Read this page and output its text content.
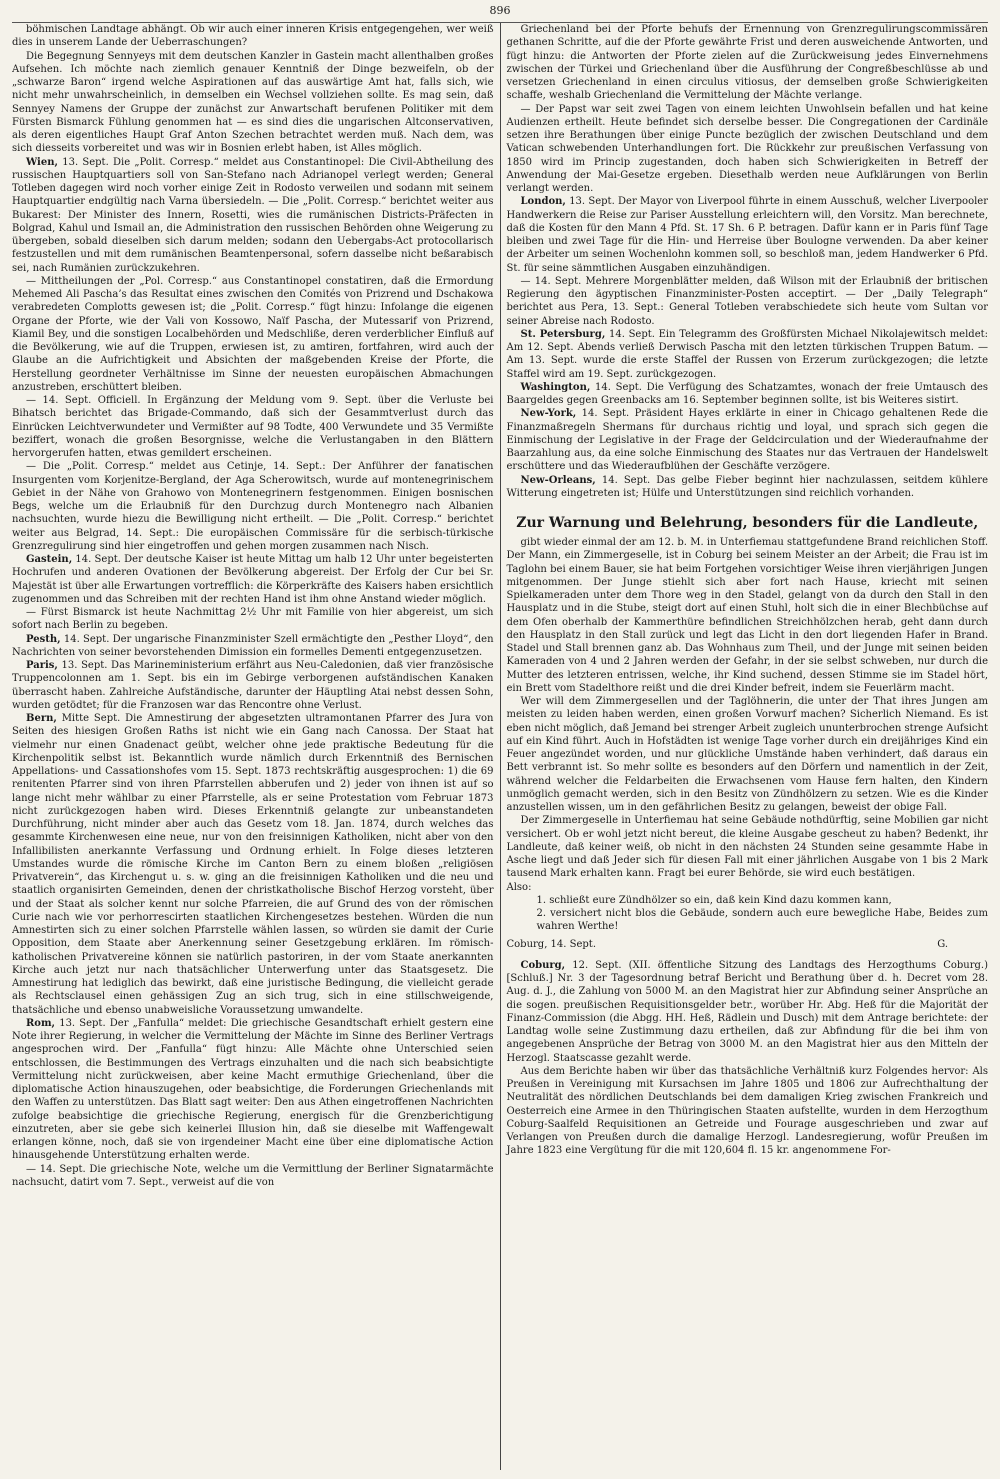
896

böhmischen Landtage abhängt. Ob wir auch einer inneren Krisis entgegengehen, wer weiß dies in unserem Lande der Ueberraschungen?

Die Begegnung Sennyeys mit dem deutschen Kanzler in Gastein macht allenthalben großes Aufsehen. Ich möchte nach ziemlich genauer Kenntniß der Dinge bezweifeln, ob der „schwarze Baron“ irgend welche Aspirationen auf das auswärtige Amt hat, falls sich, wie nicht mehr unwahrscheinlich, in demselben ein Wechsel vollziehen sollte. Es mag sein, daß Sennyey Namens der Gruppe der zunächst zur Anwartschaft berufenen Politiker mit dem Fürsten Bismarck Fühlung genommen hat — es sind dies die ungarischen Altconservativen, als deren eigentliches Haupt Graf Anton Szechen betrachtet werden muß. Nach dem, was sich diesseits vorbereitet und was wir in Bosnien erlebt haben, ist Alles möglich.

Wien, 13. Sept. Die „Polit. Corresp.“ meldet aus Constantinopel: Die Civil-Abtheilung des russischen Hauptquartiers soll von San-Stefano nach Adrianopel verlegt werden; General Totleben dagegen wird noch vorher einige Zeit in Rodosto verweilen und sodann mit seinem Hauptquartier endgültig nach Varna übersiedeln. — Die „Polit. Corresp.“ berichtet weiter aus Bukarest: Der Minister des Innern, Rosetti, wies die rumänischen Districts-Präfecten in Bolgrad, Kahul und Ismail an, die Administration den russischen Behörden ohne Weigerung zu übergeben, sobald dieselben sich darum melden; sodann den Uebergabs-Act protocollarisch festzustellen und mit dem rumänischen Beamtenpersonal, sofern dasselbe nicht beßarabisch sei, nach Rumänien zurückzukehren.

— Mittheilungen der „Pol. Corresp.“ aus Constantinopel constatiren, daß die Ermordung Mehemed Ali Pascha’s das Resultat eines zwischen den Comités von Prizrend und Dschakowa verabredeten Complotts gewesen ist; die „Polit. Corresp.“ fügt hinzu: Infolange die eigenen Organe der Pforte, wie der Vali von Kossowo, Naïf Pascha, der Mutessarif von Prizrend, Kiamil Bey, und die sonstigen Localbehörden und Medschliße, deren verderblicher Einfluß auf die Bevölkerung, wie auf die Truppen, erwiesen ist, zu amtiren, fortfahren, wird auch der Glaube an die Aufrichtigkeit und Absichten der maßgebenden Kreise der Pforte, die Herstellung geordneter Verhältnisse im Sinne der neuesten europäischen Abmachungen anzustreben, erschüttert bleiben.

— 14. Sept. Officiell. In Ergänzung der Meldung vom 9. Sept. über die Verluste bei Bihatsch berichtet das Brigade-Commando, daß sich der Gesammtverlust durch das Einrücken Leichtverwundeter und Vermißter auf 98 Todte, 400 Verwundete und 35 Vermißte beziffert, wonach die großen Besorgnisse, welche die Verlustangaben in den Blättern hervorgerufen hatten, etwas gemildert erscheinen.

— Die „Polit. Corresp.“ meldet aus Cetinje, 14. Sept.: Der Anführer der fanatischen Insurgenten vom Korjenitze-Bergland, der Aga Scherowitsch, wurde auf montenegrinischem Gebiet in der Nähe von Grahowo von Montenegrinern festgenommen. Einigen bosnischen Begs, welche um die Erlaubniß für den Durchzug durch Montenegro nach Albanien nachsuchten, wurde hiezu die Bewilligung nicht ertheilt. — Die „Polit. Corresp.“ berichtet weiter aus Belgrad, 14. Sept.: Die europäischen Commissäre für die serbisch-türkische Grenzregulirung sind hier eingetroffen und gehen morgen zusammen nach Nisch.

Gastein, 14. Sept. Der deutsche Kaiser ist heute Mittag um halb 12 Uhr unter begeisterten Hochrufen und anderen Ovationen der Bevölkerung abgereist. Der Erfolg der Cur bei Sr. Majestät ist über alle Erwartungen vortrefflich: die Körperkräfte des Kaisers haben ersichtlich zugenommen und das Schreiben mit der rechten Hand ist ihm ohne Anstand wieder möglich.

— Fürst Bismarck ist heute Nachmittag 2½ Uhr mit Familie von hier abgereist, um sich sofort nach Berlin zu begeben.

Pesth, 14. Sept. Der ungarische Finanzminister Szell ermächtigte den „Pesther Lloyd“, den Nachrichten von seiner bevorstehenden Dimission ein formelles Dementi entgegenzusetzen.

Paris, 13. Sept. Das Marineministerium erfährt aus Neu-Caledonien, daß vier französische Truppencolonnen am 1. Sept. bis ein im Gebirge verborgenen aufständischen Kanaken überrascht haben. Zahlreiche Aufständische, darunter der Häuptling Atai nebst dessen Sohn, wurden getödtet; für die Franzosen war das Rencontre ohne Verlust.

Bern, Mitte Sept. Die Amnestirung der abgesetzten ultramontanen Pfarrer des Jura von Seiten des hiesigen Großen Raths ist nicht wie ein Gang nach Canossa. Der Staat hat vielmehr nur einen Gnadenact geübt, welcher ohne jede praktische Bedeutung für die Kirchenpolitik selbst ist. Bekanntlich wurde nämlich durch Erkenntniß des Bernischen Appellations- und Cassationshofes vom 15. Sept. 1873 rechtskräftig ausgesprochen: 1) die 69 renitenten Pfarrer sind von ihren Pfarrstellen abberufen und 2) jeder von ihnen ist auf so lange nicht mehr wählbar zu einer Pfarrstelle, als er seine Protestation vom Februar 1873 nicht zurückgezogen haben wird. Dieses Erkenntniß gelangte zur unbeanstandeten Durchführung, nicht minder aber auch das Gesetz vom 18. Jan. 1874, durch welches das gesammte Kirchenwesen eine neue, nur von den freisinnigen Katholiken, nicht aber von den Infallibilisten anerkannte Verfassung und Ordnung erhielt. In Folge dieses letzteren Umstandes wurde die römische Kirche im Canton Bern zu einem bloßen „religiösen Privatverein“, das Kirchengut u. s. w. ging an die freisinnigen Katholiken und die neu und staatlich organisirten Gemeinden, denen der christkatholische Bischof Herzog vorsteht, über und der Staat als solcher kennt nur solche Pfarreien, die auf Grund des von der römischen Curie nach wie vor perhorrescirten staatlichen Kirchengesetzes bestehen. Würden die nun Amnestirten sich zu einer solchen Pfarrstelle wählen lassen, so würden sie damit der Curie Opposition, dem Staate aber Anerkennung seiner Gesetzgebung erklären. Im römisch-katholischen Privatvereine können sie natürlich pastoriren, in der vom Staate anerkannten Kirche auch jetzt nur nach thatsächlicher Unterwerfung unter das Staatsgesetz. Die Amnestirung hat lediglich das bewirkt, daß eine juristische Bedingung, die vielleicht gerade als Rechtsclausel einen gehässigen Zug an sich trug, sich in eine stillschweigende, thatsächliche und ebenso unabweisliche Voraussetzung umwandelte.

Rom, 13. Sept. Der „Fanfulla“ meldet: Die griechische Gesandtschaft erhielt gestern eine Note ihrer Regierung, in welcher die Vermittelung der Mächte im Sinne des Berliner Vertrags angesprochen wird. Der „Fanfulla“ fügt hinzu: Alle Mächte ohne Unterschied seien entschlossen, die Bestimmungen des Vertrags einzuhalten und die nach sich beabsichtigte Vermittelung nicht zurückweisen, aber keine Macht ermuthige Griechenland, über die diplomatische Action hinauszugehen, oder beabsichtige, die Forderungen Griechenlands mit den Waffen zu unterstützen. Das Blatt sagt weiter: Den aus Athen eingetroffenen Nachrichten zufolge beabsichtige die griechische Regierung, energisch für die Grenzberichtigung einzutreten, aber sie gebe sich keinerlei Illusion hin, daß sie dieselbe mit Waffengewalt erlangen könne, noch, daß sie von irgendeiner Macht eine über eine diplomatische Action hinausgehende Unterstützung erhalten werde.

— 14. Sept. Die griechische Note, welche um die Vermittlung der Berliner Signatarmächte nachsucht, datirt vom 7. Sept., verweist auf die von

Griechenland bei der Pforte behufs der Ernennung von Grenzregulirungscommissären gethanen Schritte, auf die der Pforte gewährte Frist und deren ausweichende Antworten, und fügt hinzu: die Antworten der Pforte zielen auf die Zurückweisung jedes Einvernehmens zwischen der Türkei und Griechenland über die Ausführung der Congreßbeschlüsse ab und versetzen Griechenland in einen circulus vitiosus, der demselben große Schwierigkeiten schaffe, weshalb Griechenland die Vermittelung der Mächte verlange.

— Der Papst war seit zwei Tagen von einem leichten Unwohlsein befallen und hat keine Audienzen ertheilt. Heute befindet sich derselbe besser. Die Congregationen der Cardinäle setzen ihre Berathungen über einige Puncte bezüglich der zwischen Deutschland und dem Vatican schwebenden Unterhandlungen fort. Die Rückkehr zur preußischen Verfassung von 1850 wird im Princip zugestanden, doch haben sich Schwierigkeiten in Betreff der Anwendung der Mai-Gesetze ergeben. Diesethalb werden neue Aufklärungen von Berlin verlangt werden.

London, 13. Sept. Der Mayor von Liverpool führte in einem Ausschuß, welcher Liverpooler Handwerkern die Reise zur Pariser Ausstellung erleichtern will, den Vorsitz. Man berechnete, daß die Kosten für den Mann 4 Pfd. St. 17 Sh. 6 P. betragen. Dafür kann er in Paris fünf Tage bleiben und zwei Tage für die Hin- und Herreise über Boulogne verwenden. Da aber keiner der Arbeiter um seinen Wochenlohn kommen soll, so beschloß man, jedem Handwerker 6 Pfd. St. für seine sämmtlichen Ausgaben einzuhändigen.

— 14. Sept. Mehrere Morgenblätter melden, daß Wilson mit der Erlaubniß der britischen Regierung den ägyptischen Finanzminister-Posten acceptirt. — Der „Daily Telegraph“ berichtet aus Pera, 13. Sept.: General Totleben verabschiedete sich heute vom Sultan vor seiner Abreise nach Rodosto.

St. Petersburg, 14. Sept. Ein Telegramm des Großfürsten Michael Nikolajewitsch meldet: Am 12. Sept. Abends verließ Derwisch Pascha mit den letzten türkischen Truppen Batum. — Am 13. Sept. wurde die erste Staffel der Russen von Erzerum zurückgezogen; die letzte Staffel wird am 19. Sept. zurückgezogen.

Washington, 14. Sept. Die Verfügung des Schatzamtes, wonach der freie Umtausch des Baargeldes gegen Greenbacks am 16. September beginnen sollte, ist bis Weiteres sistirt.

New-York, 14. Sept. Präsident Hayes erklärte in einer in Chicago gehaltenen Rede die Finanzmaßregeln Shermans für durchaus richtig und loyal, und sprach sich gegen die Einmischung der Legislative in der Frage der Geldcirculation und der Wiederaufnahme der Baarzahlung aus, da eine solche Einmischung des Staates nur das Vertrauen der Handelswelt erschüttere und das Wiederaufblühen der Geschäfte verzögere.

New-Orleans, 14. Sept. Das gelbe Fieber beginnt hier nachzulassen, seitdem kühlere Witterung eingetreten ist; Hülfe und Unterstützungen sind reichlich vorhanden.

Zur Warnung und Belehrung, besonders für die Landleute,

gibt wieder einmal der am 12. b. M. in Unterfiemau stattgefundene Brand reichlichen Stoff. Der Mann, ein Zimmergeselle, ist in Coburg bei seinem Meister an der Arbeit; die Frau ist im Taglohn bei einem Bauer, sie hat beim Fortgehen vorsichtiger Weise ihren vierjährigen Jungen mitgenommen. Der Junge stiehlt sich aber fort nach Hause, kriecht mit seinen Spielkameraden unter dem Thore weg in den Stadel, gelangt von da durch den Stall in den Hausplatz und in die Stube, steigt dort auf einen Stuhl, holt sich die in einer Blechbüchse auf dem Ofen oberhalb der Kammerthüre befindlichen Streichhölzchen herab, geht dann durch den Hausplatz in den Stall zurück und legt das Licht in den dort liegenden Hafer in Brand. Stadel und Stall brennen ganz ab. Das Wohnhaus zum Theil, und der Junge mit seinen beiden Kameraden von 4 und 2 Jahren werden der Gefahr, in der sie selbst schweben, nur durch die Mutter des letzteren entrissen, welche, ihr Kind suchend, dessen Stimme sie im Stadel hört, ein Brett vom Stadelthore reißt und die drei Kinder befreit, indem sie Feuerlärm macht.

Wer will dem Zimmergesellen und der Taglöhnerin, die unter der That ihres Jungen am meisten zu leiden haben werden, einen großen Vorwurf machen? Sicherlich Niemand. Es ist eben nicht möglich, daß Jemand bei strenger Arbeit zugleich ununterbrochen strenge Aufsicht auf ein Kind führt. Auch in Hofstädten ist wenige Tage vorher durch ein dreijähriges Kind ein Feuer angezündet worden, und nur glückliche Umstände haben verhindert, daß daraus ein Bett verbrannt ist. So mehr sollte es besonders auf den Dörfern und namentlich in der Zeit, während welcher die Feldarbeiten die Erwachsenen vom Hause fern halten, den Kindern unmöglich gemacht werden, sich in den Besitz von Zündhölzern zu setzen. Wie es die Kinder anzustellen wissen, um in den gefährlichen Besitz zu gelangen, beweist der obige Fall.

Der Zimmergeselle in Unterfiemau hat seine Gebäude nothdürftig, seine Mobilien gar nicht versichert. Ob er wohl jetzt nicht bereut, die kleine Ausgabe gescheut zu haben? Bedenkt, ihr Landleute, daß keiner weiß, ob nicht in den nächsten 24 Stunden seine gesammte Habe in Asche liegt und daß Jeder sich für diesen Fall mit einer jährlichen Ausgabe von 1 bis 2 Mark tausend Mark erhalten kann. Fragt bei eurer Behörde, sie wird euch bestätigen.

Also:

1. schließt eure Zündhölzer so ein, daß kein Kind dazu kommen kann,

2. versichert nicht blos die Gebäude, sondern auch eure bewegliche Habe, Beides zum wahren Werthe!

Coburg, 14. Sept.	G.

Coburg, 12. Sept. (XII. öffentliche Sitzung des Landtags des Herzogthums Coburg.) [Schluß.] Nr. 3 der Tagesordnung betraf Bericht und Berathung über d. h. Decret vom 28. Aug. d. J., die Zahlung von 5000 M. an den Magistrat hier zur Abfindung seiner Ansprüche an die sogen. preußischen Requisitionsgelder betr., worüber Hr. Abg. Heß für die Majorität der Finanz-Commission (die Abgg. HH. Heß, Rädlein und Dusch) mit dem Antrage berichtete: der Landtag wolle seine Zustimmung dazu ertheilen, daß zur Abfindung für die bei ihm von angegebenen Ansprüche der Betrag von 3000 M. an den Magistrat hier aus den Mitteln der Herzogl. Staatscasse gezahlt werde.

Aus dem Berichte haben wir über das thatsächliche Verhältniß kurz Folgendes hervor: Als Preußen in Vereinigung mit Kursachsen im Jahre 1805 und 1806 zur Aufrechthaltung der Neutralität des nördlichen Deutschlands bei dem damaligen Krieg zwischen Frankreich und Oesterreich eine Armee in den Thüringischen Staaten aufstellte, wurden in dem Herzogthum Coburg-Saalfeld Requisitionen an Getreide und Fourage ausgeschrieben und zwar auf Verlangen von Preußen durch die damalige Herzogl. Landesregierung, wofür Preußen im Jahre 1823 eine Vergütung für die mit 120,604 fl. 15 kr. angenommene For-
